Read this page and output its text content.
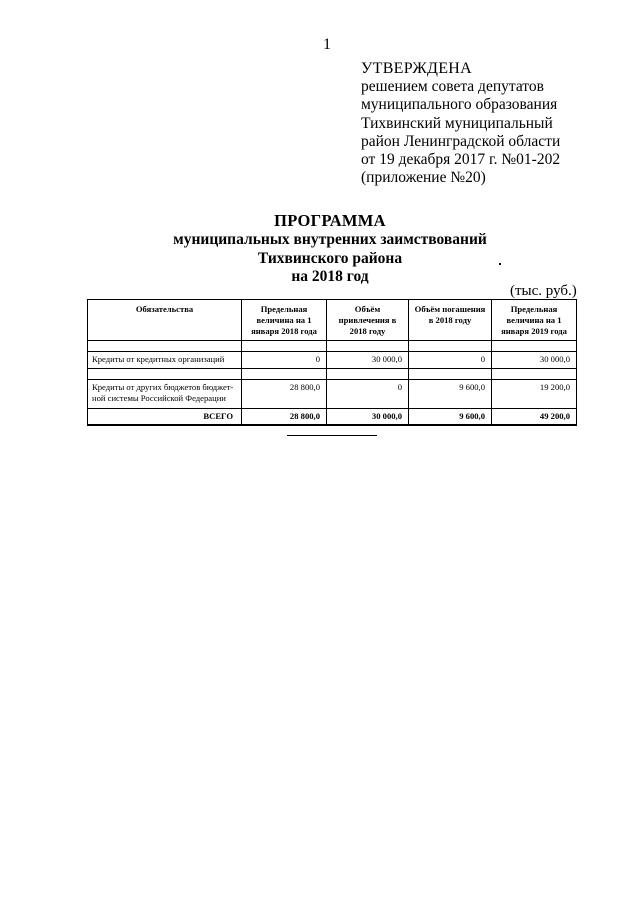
1
УТВЕРЖДЕНА
решением совета депутатов
муниципального образования
Тихвинский муниципальный
район Ленинградской области
от 19 декабря 2017 г. №01-202
(приложение №20)
ПРОГРАММА
муниципальных внутренних заимствований
Тихвинского района
на 2018 год
(тыс. руб.)
Обязательства	Предельная величина на 1 января 2018 года	Объём привлечения в 2018 году	Объём погашения в 2018 году	Предельная величина на 1 января 2019 года

Кредиты от кредитных организаций	0	30 000,0	0	30 000,0

Кредиты от других бюджетов бюджет-ной системы Российской Федерации	28 800,0	0	9 600,0	19 200,0
ВСЕГО	28 800,0	30 000,0	9 600,0	49 200,0
